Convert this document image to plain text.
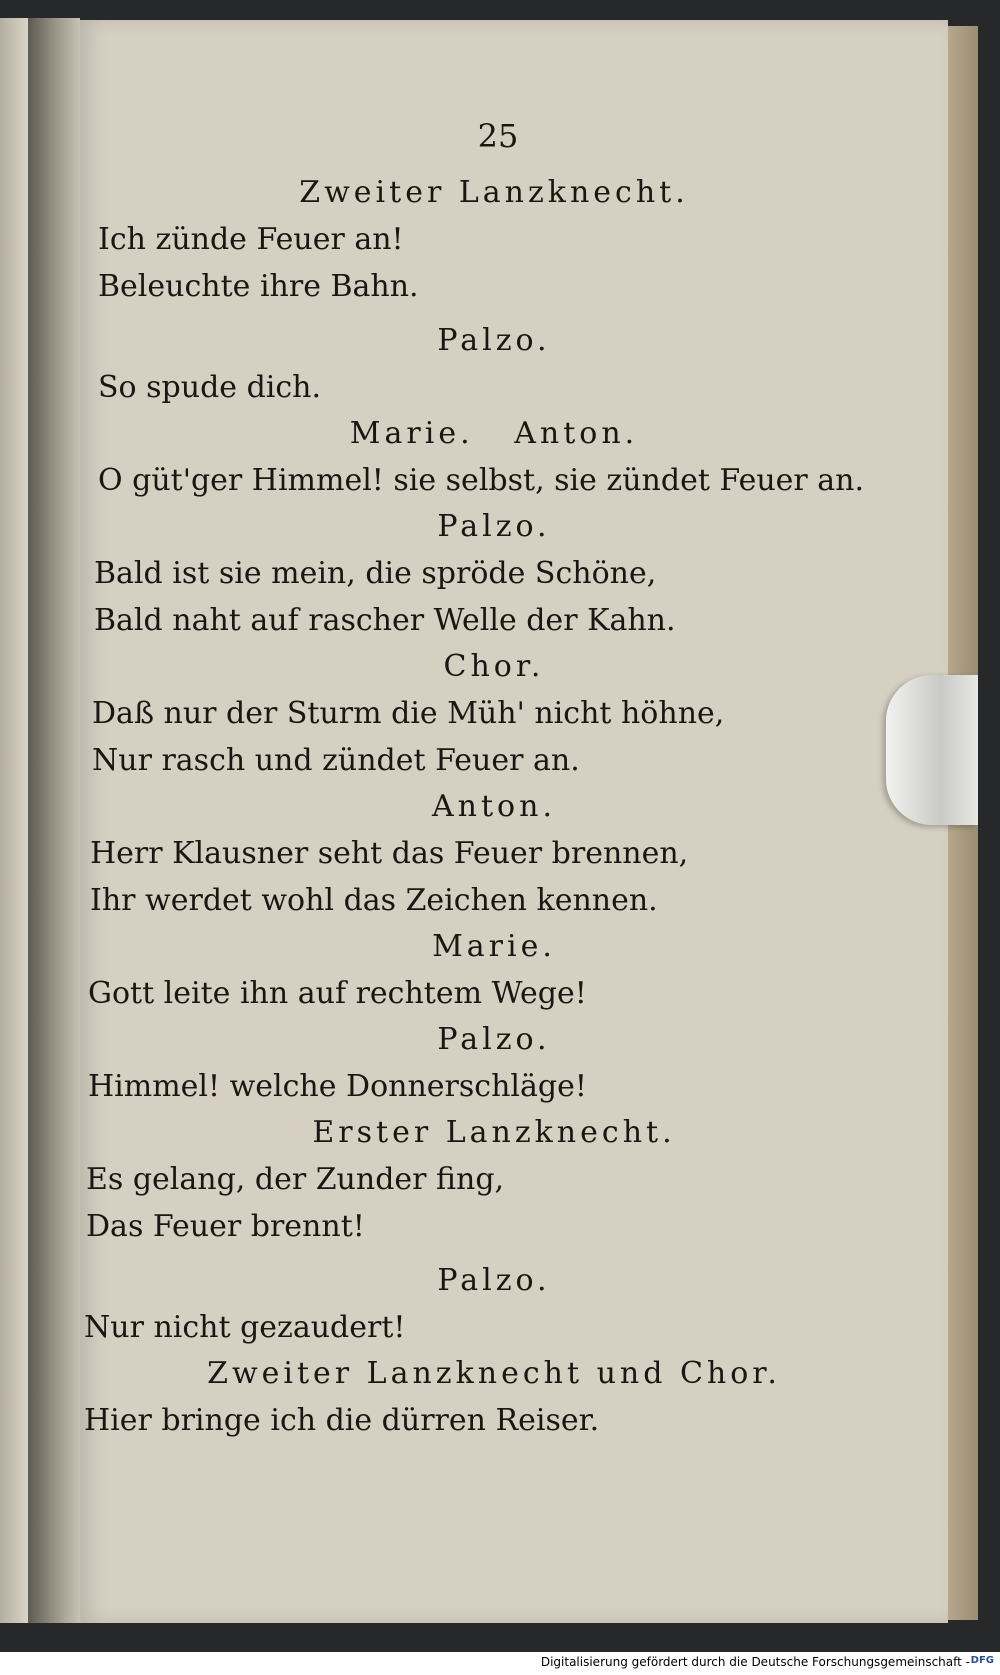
25
Zweiter Lanzknecht.
Ich zünde Feuer an!
Beleuchte ihre Bahn.
Palzo.
So spude dich.
Marie.   Anton.
O güt'ger Himmel! sie selbst, sie zündet Feuer an.
Palzo.
Bald ist sie mein, die spröde Schöne,
Bald naht auf rascher Welle der Kahn.
Chor.
Daß nur der Sturm die Müh' nicht höhne,
Nur rasch und zündet Feuer an.
Anton.
Herr Klausner seht das Feuer brennen,
Ihr werdet wohl das Zeichen kennen.
Marie.
Gott leite ihn auf rechtem Wege!
Palzo.
Himmel! welche Donnerschläge!
Erster Lanzknecht.
Es gelang, der Zunder fing,
Das Feuer brennt!
Palzo.
Nur nicht gezaudert!
Zweiter Lanzknecht und Chor.
Hier bringe ich die dürren Reiser.
Digitalisierung gefördert durch die Deutsche Forschungsgemeinschaft - DFG
